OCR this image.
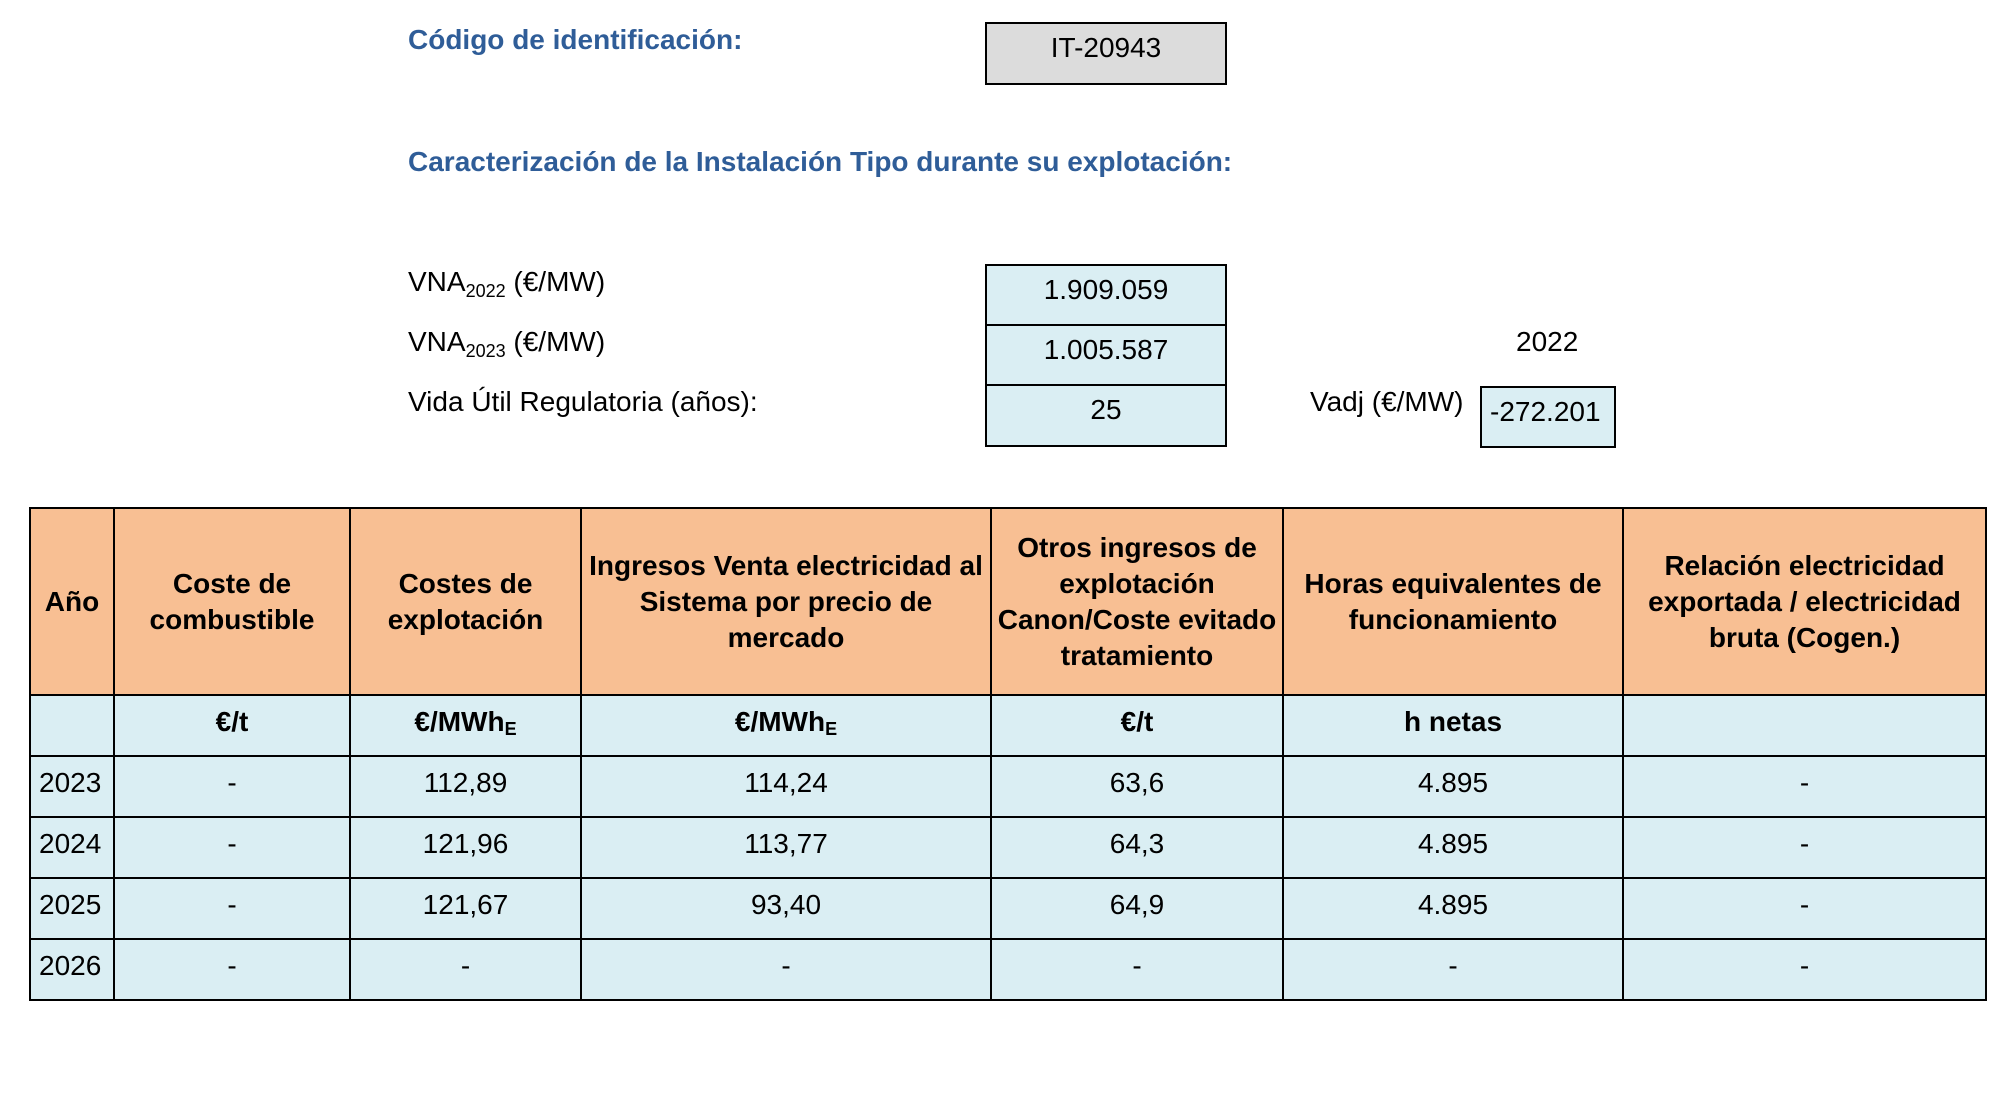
Código de identificación:	IT-20943
Caracterización de la Instalación Tipo durante su explotación:
$VNA_{2022}$ (€/MW)	1.909.059
$VNA_{2023}$ (€/MW)	1.005.587
Vida Útil Regulatoria (años):	25
2022
Vadj (€/MW) -272.201
Año	Coste de combustible	Costes de explotación	Ingresos Venta electricidad al Sistema por precio de mercado	Otros ingresos de explotación Canon/Coste evitado tratamiento	Horas equivalentes de funcionamiento	Relación electricidad exportada / electricidad bruta (Cogen.)
	€/t	€/MWh$_E$	€/MWh$_E$	€/t	h netas	
2023	-	112,89	114,24	63,6	4.895	-
2024	-	121,96	113,77	64,3	4.895	-
2025	-	121,67	93,40	64,9	4.895	-
2026	-	-	-	-	-	-
